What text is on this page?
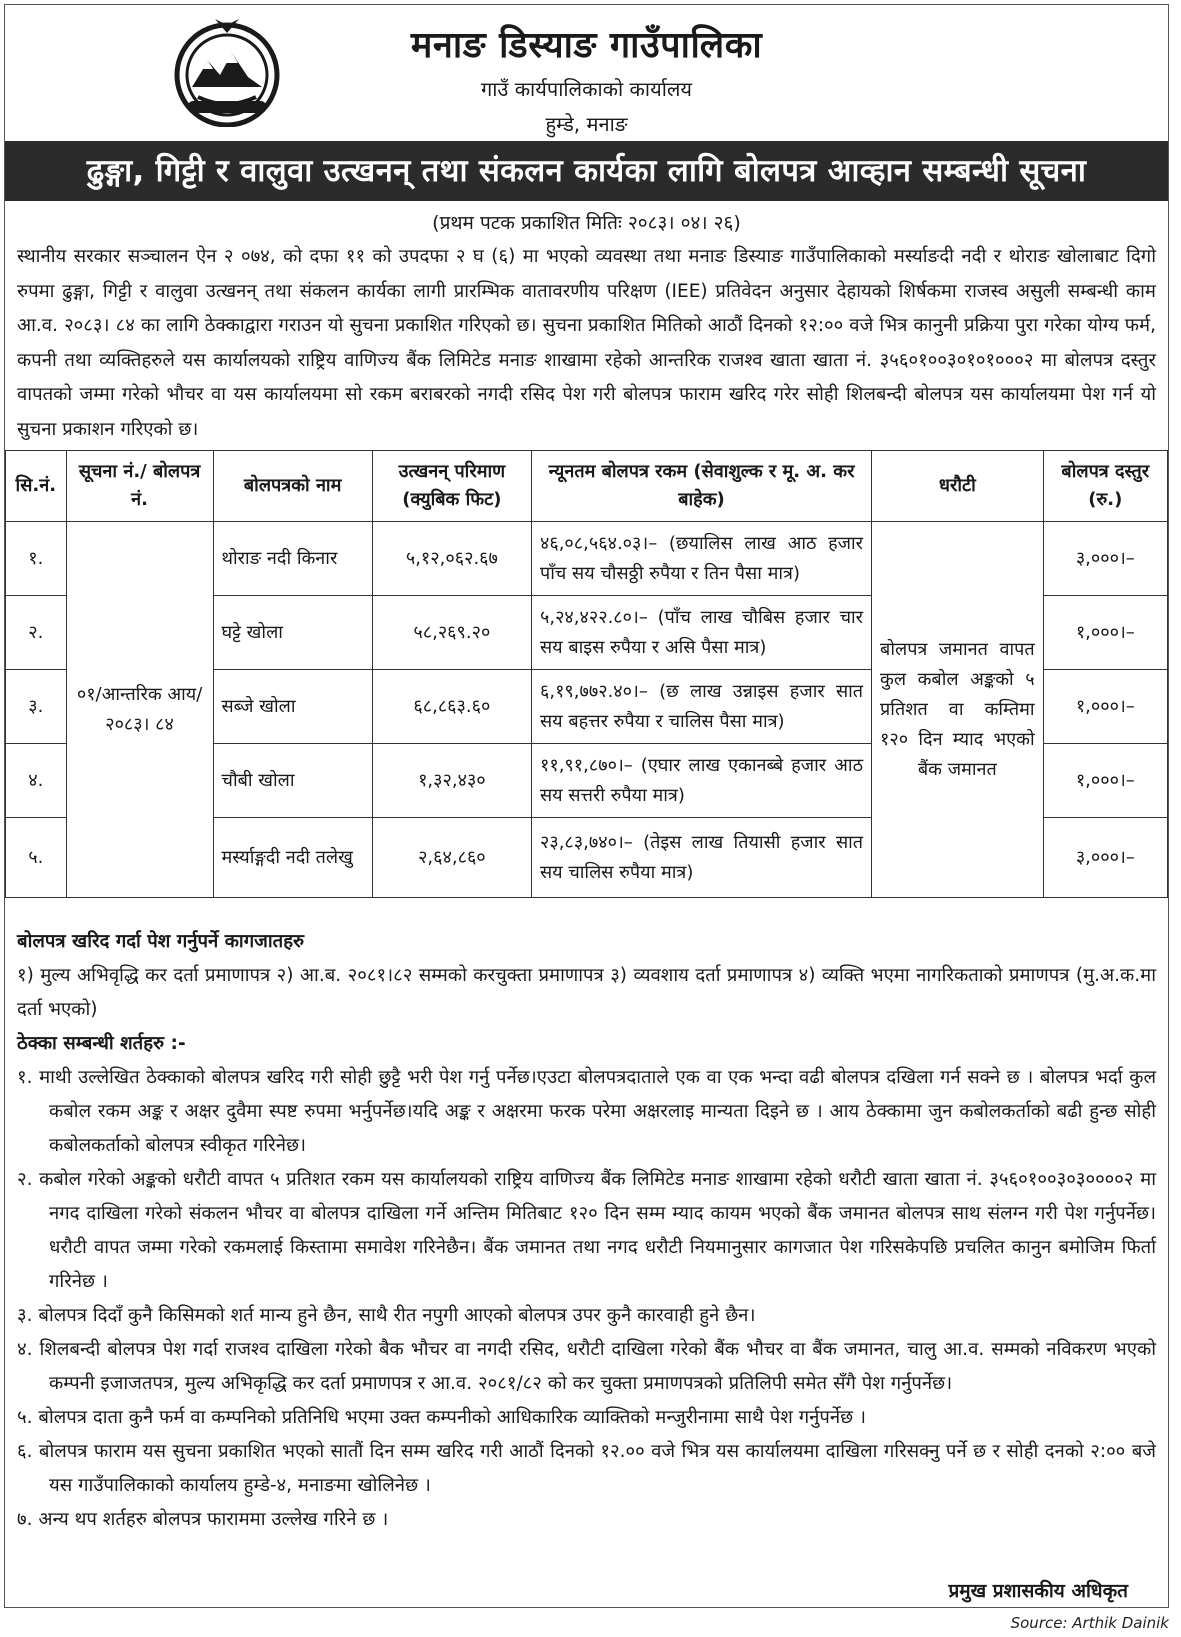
मनाङ डिस्याङ गाउँपालिका
गाउँ कार्यपालिकाको कार्यालय
हुम्डे, मनाङ
ढुङ्गा, गिट्टी र वालुवा उत्खनन् तथा संकलन कार्यका लागि बोलपत्र आव्हान सम्बन्धी सूचना
(प्रथम पटक प्रकाशित मितिः २०८३। ०४। २६)
स्थानीय सरकार सञ्चालन ऐन २ ०७४, को दफा ११ को उपदफा २ घ (६) मा भएको व्यवस्था तथा मनाङ डिस्याङ गाउँपालिकाको मर्स्याङदी नदी र थोराङ खोलाबाट दिगो रुपमा ढुङ्गा, गिट्टी र वालुवा उत्खनन् तथा संकलन कार्यका लागी प्रारम्भिक वातावरणीय परिक्षण (IEE) प्रतिवेदन अनुसार देहायको शिर्षकमा राजस्व असुली सम्बन्धी काम आ.व. २०८३। ८४ का लागि ठेक्काद्वारा गराउन यो सुचना प्रकाशित गरिएको छ। सुचना प्रकाशित मितिको आठौं दिनको १२:०० वजे भित्र कानुनी प्रक्रिया पुरा गरेका योग्य फर्म, कपनी तथा व्यक्तिहरुले यस कार्यालयको राष्ट्रिय वाणिज्य बैंक लिमिटेड मनाङ शाखामा रहेको आन्तरिक राजश्व खाता खाता नं. ३५६०१००३०१०१०००२ मा बोलपत्र दस्तुर वापतको जम्मा गरेको भौचर वा यस कार्यालयमा सो रकम बराबरको नगदी रसिद पेश गरी बोलपत्र फाराम खरिद गरेर सोही शिलबन्दी बोलपत्र यस कार्यालयमा पेश गर्न यो सुचना प्रकाशन गरिएको छ।
सि.नं.	सूचना नं./ बोलपत्र नं.	बोलपत्रको नाम	उत्खनन् परिमाण (क्युबिक फिट)	न्यूनतम बोलपत्र रकम (सेवाशुल्क र मू. अ. कर बाहेक)	धरौटी	बोलपत्र दस्तुर (रु.)
१.	०१/आन्तरिक आय/२०८३। ८४	थोराङ नदी किनार	५,१२,०६२.६७	४६,०८,५६४.०३।– (छयालिस लाख आठ हजार पाँच सय चौसठ्ठी रुपैया र तिन पैसा मात्र)	बोलपत्र जमानत वापत कुल कबोल अङ्कको ५ प्रतिशत वा कम्तिमा १२० दिन म्याद भएको बैंक जमानत	३,०००।–
२.		घट्टे खोला	५८,२६९.२०	५,२४,४२२.८०।– (पाँच लाख चौबिस हजार चार सय बाइस रुपैया र असि पैसा मात्र)		१,०००।–
३.		सब्जे खोला	६८,८६३.६०	६,१९,७७२.४०।– (छ लाख उन्नाइस हजार सात सय बहत्तर रुपैया र चालिस पैसा मात्र)		१,०००।–
४.		चौबी खोला	१,३२,४३०	११,९१,८७०।– (एघार लाख एकानब्बे हजार आठ सय सत्तरी रुपैया मात्र)		१,०००।–
५.		मर्स्याङ्गदी नदी तलेखु	२,६४,८६०	२३,८३,७४०।– (तेइस लाख तियासी हजार सात सय चालिस रुपैया मात्र)		३,०००।–

बोलपत्र खरिद गर्दा पेश गर्नुपर्ने कागजातहरु

१) मुल्य अभिवृद्धि कर दर्ता प्रमाणापत्र २) आ.ब. २०८१।८२ सम्मको करचुक्ता प्रमाणापत्र ३) व्यवशाय दर्ता प्रमाणापत्र ४) व्यक्ति भएमा नागरिकताको प्रमाणपत्र (मु.अ.क.मा दर्ता भएको)

ठेक्का सम्बन्धी शर्तहरु :-

१. माथी उल्लेखित ठेक्काको बोलपत्र खरिद गरी सोही छुट्टै भरी पेश गर्नु पर्नेछ।एउटा बोलपत्रदाताले एक वा एक भन्दा वढी बोलपत्र दखिला गर्न सक्ने छ । बोलपत्र भर्दा कुल कबोल रकम अङ्क र अक्षर दुवैमा स्पष्ट रुपमा भर्नुपर्नेछ।यदि अङ्क र अक्षरमा फरक परेमा अक्षरलाइ मान्यता दिइने छ । आय ठेक्कामा जुन कबोलकर्ताको बढी हुन्छ सोही कबोलकर्ताको बोलपत्र स्वीकृत गरिनेछ।

२. कबोल गरेको अङ्कको धरौटी वापत ५ प्रतिशत रकम यस कार्यालयको राष्ट्रिय वाणिज्य बैंक लिमिटेड मनाङ शाखामा रहेको धरौटी खाता खाता नं. ३५६०१००३०३००००२ मा नगद दाखिला गरेको संकलन भौचर वा बोलपत्र दाखिला गर्ने अन्तिम मितिबाट १२० दिन सम्म म्याद कायम भएको बैंक जमानत बोलपत्र साथ संलग्न गरी पेश गर्नुपर्नेछ। धरौटी वापत जम्मा गरेको रकमलाई किस्तामा समावेश गरिनेछैन। बैंक जमानत तथा नगद धरौटी नियमानुसार कागजात पेश गरिसकेपछि प्रचलित कानुन बमोजिम फिर्ता गरिनेछ ।

३. बोलपत्र दिदाँ कुनै किसिमको शर्त मान्य हुने छैन, साथै रीत नपुगी आएको बोलपत्र उपर कुनै कारवाही हुने छैन।

४. शिलबन्दी बोलपत्र पेश गर्दा राजश्व दाखिला गरेको बैक भौचर वा नगदी रसिद, धरौटी दाखिला गरेको बैंक भौचर वा बैंक जमानत, चालु आ.व. सम्मको नविकरण भएको कम्पनी इजाजतपत्र, मुल्य अभिकृद्धि कर दर्ता प्रमाणपत्र र आ.व. २०८१/८२ को कर चुक्ता प्रमाणपत्रको प्रतिलिपी समेत सँगै पेश गर्नुपर्नेछ।

५. बोलपत्र दाता कुनै फर्म वा कम्पनिको प्रतिनिधि भएमा उक्त कम्पनीको आधिकारिक व्याक्तिको मन्जुरीनामा साथै पेश गर्नुपर्नेछ ।

६. बोलपत्र फाराम यस सुचना प्रकाशित भएको सातौं दिन सम्म खरिद गरी आठौं दिनको १२.०० वजे भित्र यस कार्यालयमा दाखिला गरिसक्नु पर्ने छ र सोही दनको २:०० बजे यस गाउँपालिकाको कार्यालय हुम्डे-४, मनाङमा खोलिनेछ ।

७. अन्य थप शर्तहरु बोलपत्र फाराममा उल्लेख गरिने छ ।

प्रमुख प्रशासकीय अधिकृत
Source: Arthik Dainik
